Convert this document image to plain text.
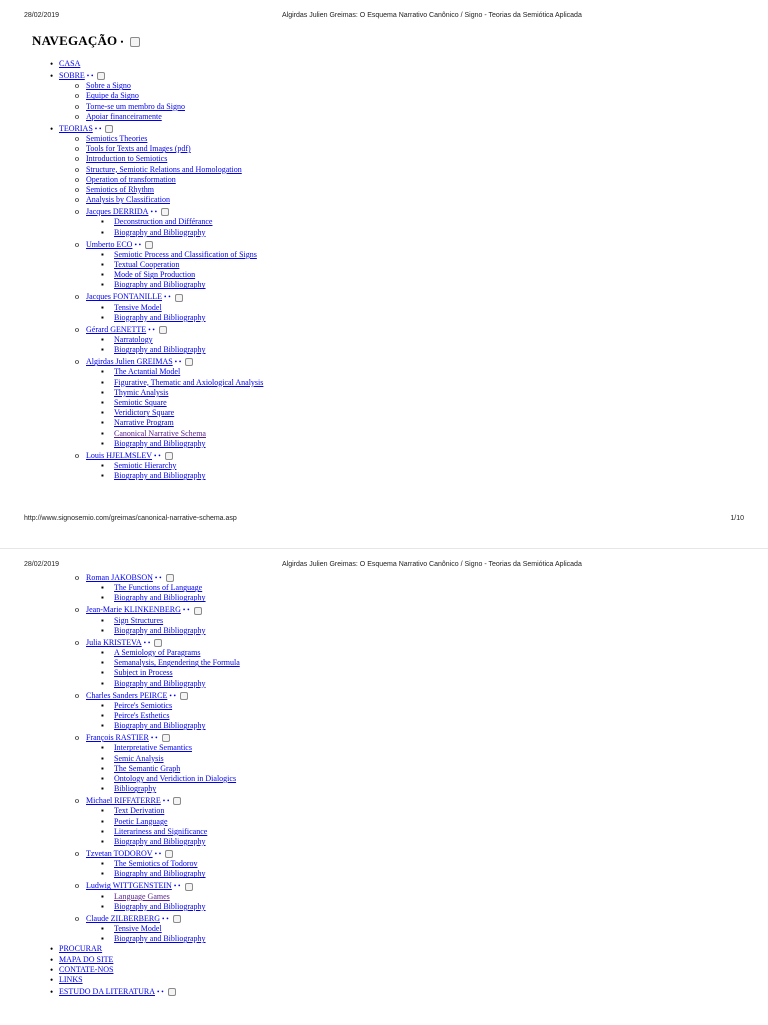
28/02/2019	Algirdas Julien Greimas: O Esquema Narrativo Canônico / Signo - Teorias da Semiótica Aplicada
NAVEGAÇÃO •
•
CASA
•
SOBRE • •
o
Sobre a Signo
o
Equipe da Signo
o
Torne-se um membro da Signo
o
Apoiar financeiramente
•
TEORIAS • •
o
Semiotics Theories
o
Tools for Texts and Images (pdf)
o
Introduction to Semiotics
o
Structure, Semiotic Relations and Homologation
o
Operation of transformation
o
Semiotics of Rhythm
o
Analysis by Classification
o
Jacques DERRIDA • •
▪
Deconstruction and Différance
▪
Biography and Bibliography
o
Umberto ECO • •
▪
Semiotic Process and Classification of Signs
▪
Textual Cooperation
▪
Mode of Sign Production
▪
Biography and Bibliography
o
Jacques FONTANILLE • •
▪
Tensive Model
▪
Biography and Bibliography
o
Gérard GENETTE • •
▪
Narratology
▪
Biography and Bibliography
o
Algirdas Julien GREIMAS • •
▪
The Actantial Model
▪
Figurative, Thematic and Axiological Analysis
▪
Thymic Analysis
▪
Semiotic Square
▪
Veridictory Square
▪
Narrative Program
▪
Canonical Narrative Schema
▪
Biography and Bibliography
o
Louis HJELMSLEV • •
▪
Semiotic Hierarchy
▪
Biography and Bibliography
http://www.signosemio.com/greimas/canonical-narrative-schema.asp	1/10
28/02/2019	Algirdas Julien Greimas: O Esquema Narrativo Canônico / Signo - Teorias da Semiótica Aplicada
o
Roman JAKOBSON • •
▪
The Functions of Language
▪
Biography and Bibliography
o
Jean-Marie KLINKENBERG • •
▪
Sign Structures
▪
Biography and Bibliography
o
Julia KRISTEVA • •
▪
A Semiology of Paragrams
▪
Semanalysis, Engendering the Formula
▪
Subject in Process
▪
Biography and Bibliography
o
Charles Sanders PEIRCE • •
▪
Peirce's Semiotics
▪
Peirce's Esthetics
▪
Biography and Bibliography
o
François RASTIER • •
▪
Interpretative Semantics
▪
Semic Analysis
▪
The Semantic Graph
▪
Ontology and Veridiction in Dialogics
▪
Bibliography
o
Michael RIFFATERRE • •
▪
Text Derivation
▪
Poetic Language
▪
Literariness and Significance
▪
Biography and Bibliography
o
Tzvetan TODOROV • •
▪
The Semiotics of Todorov
▪
Biography and Bibliography
o
Ludwig WITTGENSTEIN • •
▪
Language Games
▪
Biography and Bibliography
o
Claude ZILBERBERG • •
▪
Tensive Model
▪
Biography and Bibliography
•
PROCURAR
•
MAPA DO SITE
•
CONTATE-NOS
•
LINKS
•
ESTUDO DA LITERATURA • •
